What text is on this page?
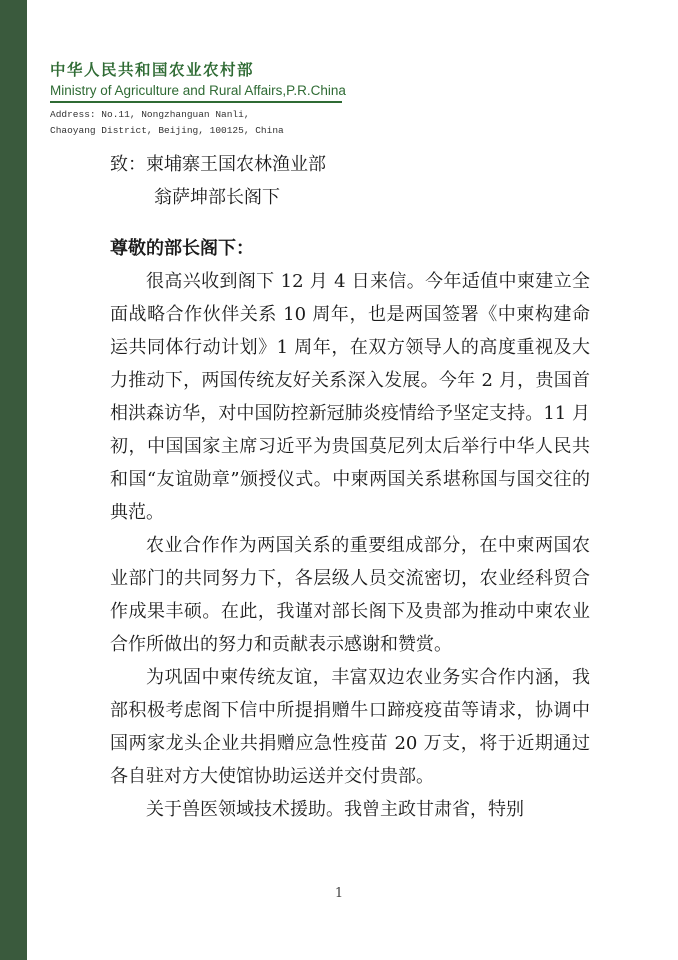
中华人民共和国农业农村部
Ministry of Agriculture and Rural Affairs,P.R.China
Address: No.11, Nongzhanguan Nanli,
Chaoyang District, Beijing, 100125, China
致：柬埔寨王国农林渔业部
翁萨坤部长阁下
尊敬的部长阁下：

很高兴收到阁下 12 月 4 日来信。今年适值中柬建立全面战略合作伙伴关系 10 周年，也是两国签署《中柬构建命运共同体行动计划》1 周年，在双方领导人的高度重视及大力推动下，两国传统友好关系深入发展。今年 2 月，贵国首相洪森访华，对中国防控新冠肺炎疫情给予坚定支持。11 月初，中国国家主席习近平为贵国莫尼列太后举行中华人民共和国“友谊勋章”颁授仪式。中柬两国关系堪称国与国交往的典范。

农业合作作为两国关系的重要组成部分，在中柬两国农业部门的共同努力下，各层级人员交流密切，农业经科贸合作成果丰硕。在此，我谨对部长阁下及贵部为推动中柬农业合作所做出的努力和贡献表示感谢和赞赏。

为巩固中柬传统友谊，丰富双边农业务实合作内涵，我部积极考虑阁下信中所提捐赠牛口蹄疫疫苗等请求，协调中国两家龙头企业共捐赠应急性疫苗 20 万支，将于近期通过各自驻对方大使馆协助运送并交付贵部。

关于兽医领域技术援助。我曾主政甘肃省，特别

1
